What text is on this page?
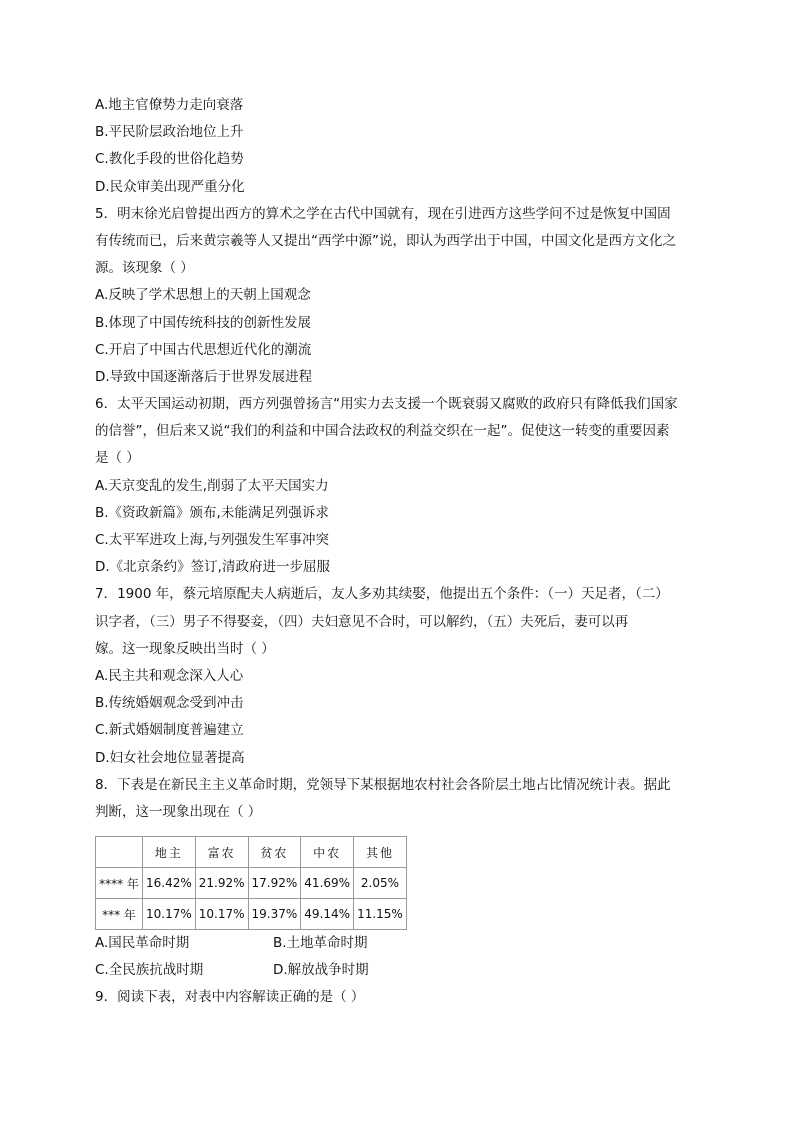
A.地主官僚势力走向衰落
B.平民阶层政治地位上升
C.教化手段的世俗化趋势
D.民众审美出现严重分化
5．明末徐光启曾提出西方的算术之学在古代中国就有，现在引进西方这些学问不过是恢复中国固
有传统而已，后来黄宗羲等人又提出“西学中源”说，即认为西学出于中国，中国文化是西方文化之
源。该现象（ ）
A.反映了学术思想上的天朝上国观念
B.体现了中国传统科技的创新性发展
C.开启了中国古代思想近代化的潮流
D.导致中国逐渐落后于世界发展进程
6．太平天国运动初期，西方列强曾扬言“用实力去支援一个既衰弱又腐败的政府只有降低我们国家
的信誉”，但后来又说“我们的利益和中国合法政权的利益交织在一起”。促使这一转变的重要因素
是（ ）
A.天京变乱的发生,削弱了太平天国实力
B.《资政新篇》颁布,未能满足列强诉求
C.太平军进攻上海,与列强发生军事冲突
D.《北京条约》签订,清政府进一步屈服
7．1900 年，蔡元培原配夫人病逝后，友人多劝其续娶，他提出五个条件：（一）天足者，（二）
识字者，（三）男子不得娶妾，（四）夫妇意见不合时，可以解约，（五）夫死后，妻可以再
嫁。这一现象反映出当时（ ）
A.民主共和观念深入人心
B.传统婚姻观念受到冲击
C.新式婚姻制度普遍建立
D.妇女社会地位显著提高
8．下表是在新民主主义革命时期，党领导下某根据地农村社会各阶层土地占比情况统计表。据此
判断，这一现象出现在（ ）
	地主	富农	贫农	中农	其他
**** 年	16.42%	21.92%	17.92%	41.69%	2.05%
*** 年	10.17%	10.17%	19.37%	49.14%	11.15%
A.国民革命时期	B.土地革命时期
C.全民族抗战时期	D.解放战争时期
9．阅读下表，对表中内容解读正确的是（ ）
